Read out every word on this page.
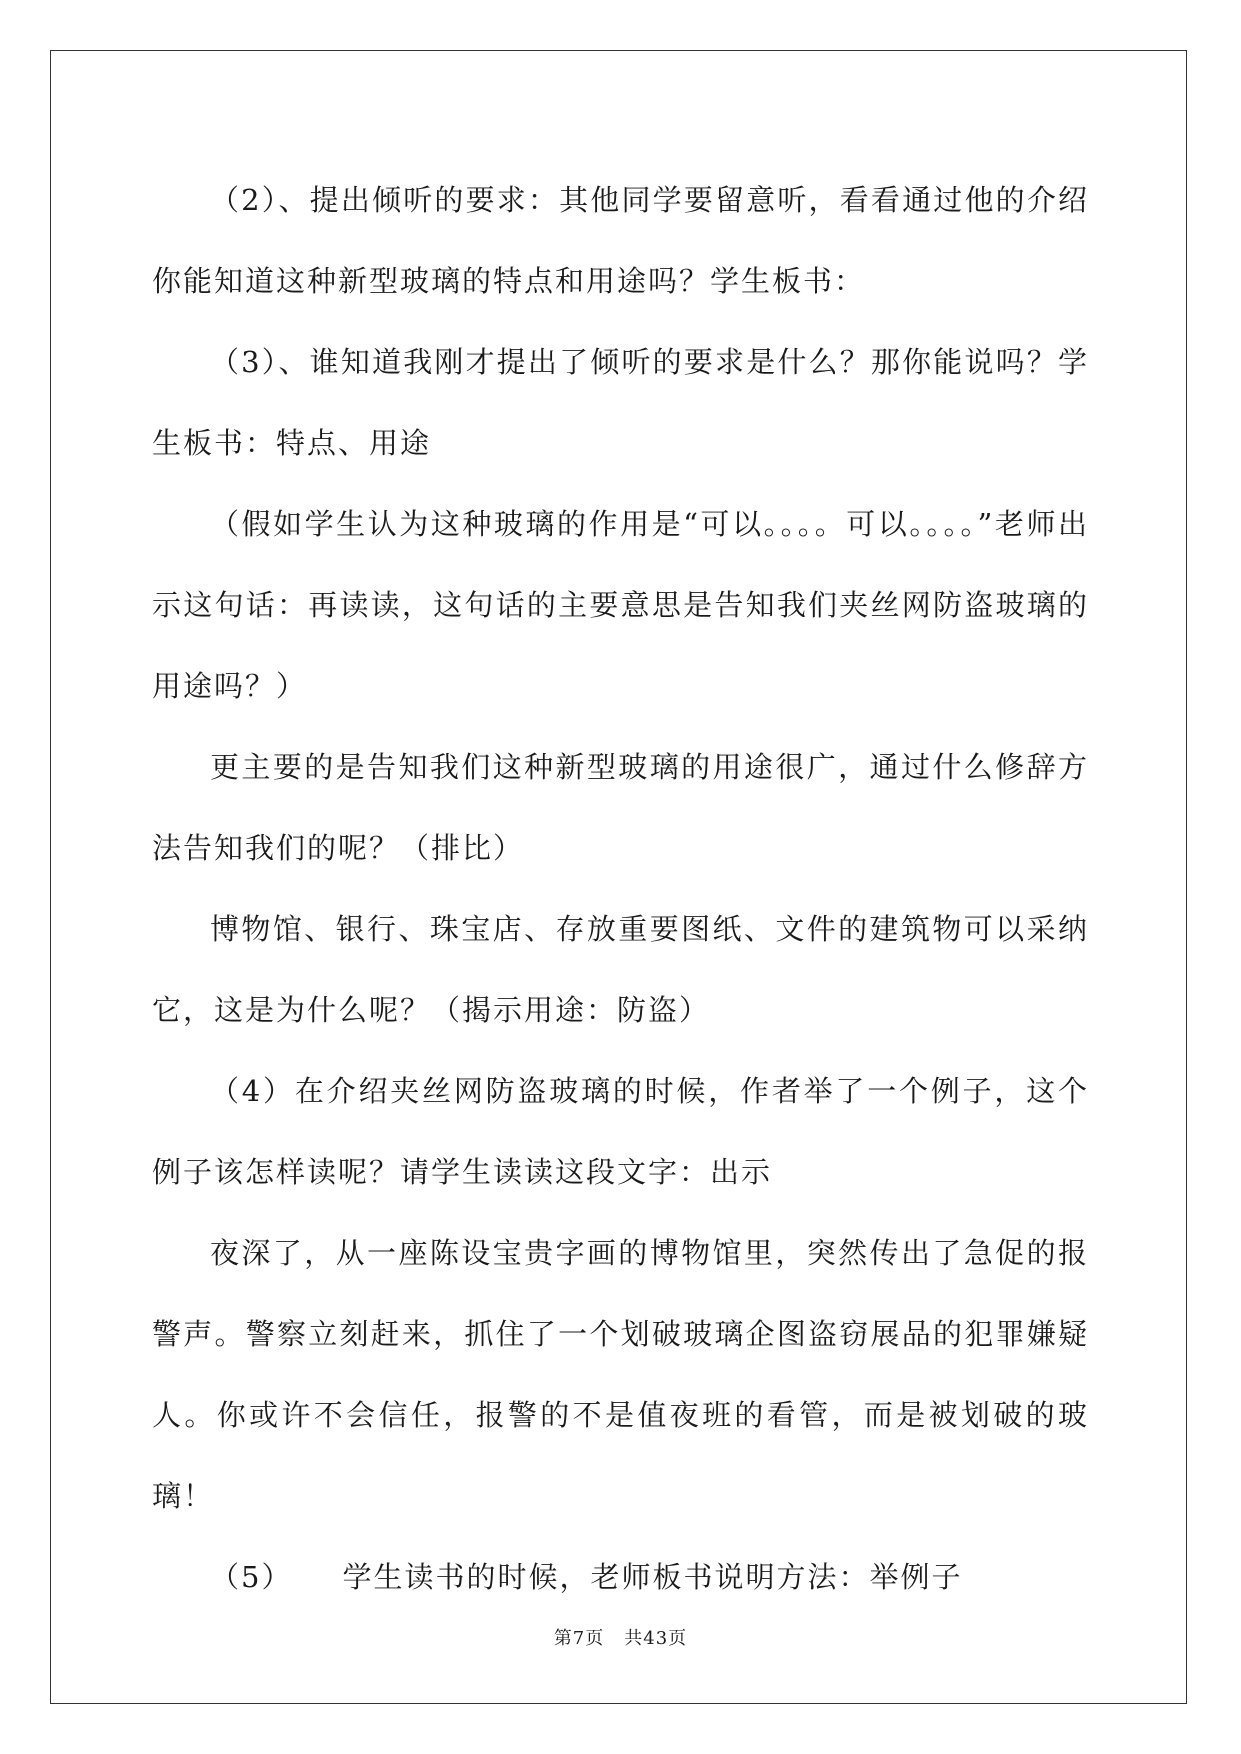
（2）、提出倾听的要求：其他同学要留意听，看看通过他的介绍你能知道这种新型玻璃的特点和用途吗？学生板书：

（3）、谁知道我刚才提出了倾听的要求是什么？那你能说吗？学生板书：特点、用途

（假如学生认为这种玻璃的作用是“可以。。。。可以。。。。”老师出示这句话：再读读，这句话的主要意思是告知我们夹丝网防盗玻璃的用途吗？）

更主要的是告知我们这种新型玻璃的用途很广，通过什么修辞方法告知我们的呢？（排比）

博物馆、银行、珠宝店、存放重要图纸、文件的建筑物可以采纳它，这是为什么呢？（揭示用途：防盗）

（4）在介绍夹丝网防盗玻璃的时候，作者举了一个例子，这个例子该怎样读呢？请学生读读这段文字：出示

夜深了，从一座陈设宝贵字画的博物馆里，突然传出了急促的报警声。警察立刻赶来，抓住了一个划破玻璃企图盗窃展品的犯罪嫌疑人。你或许不会信任，报警的不是值夜班的看管，而是被划破的玻璃！

（5） 学生读书的时候，老师板书说明方法：举例子

第7页 共43页
